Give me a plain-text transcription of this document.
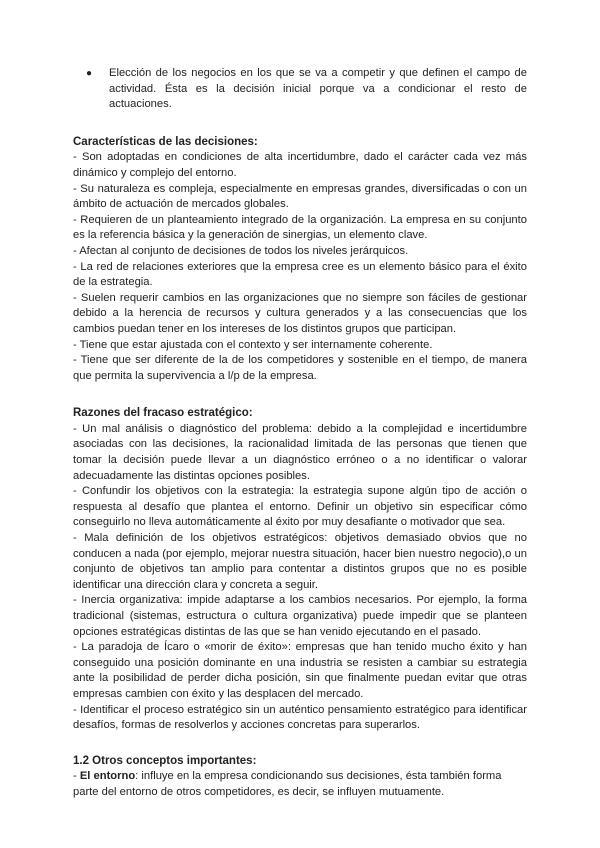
● Elección de los negocios en los que se va a competir y que definen el campo de actividad. Ésta es la decisión inicial porque va a condicionar el resto de actuaciones.

Características de las decisiones:

- Son adoptadas en condiciones de alta incertidumbre, dado el carácter cada vez más dinámico y complejo del entorno.

- Su naturaleza es compleja, especialmente en empresas grandes, diversificadas o con un ámbito de actuación de mercados globales.

- Requieren de un planteamiento integrado de la organización. La empresa en su conjunto es la referencia básica y la generación de sinergias, un elemento clave.

- Afectan al conjunto de decisiones de todos los niveles jerárquicos.

- La red de relaciones exteriores que la empresa cree es un elemento básico para el éxito de la estrategia.

- Suelen requerir cambios en las organizaciones que no siempre son fáciles de gestionar debido a la herencia de recursos y cultura generados y a las consecuencias que los cambios puedan tener en los intereses de los distintos grupos que participan.

- Tiene que estar ajustada con el contexto y ser internamente coherente.

- Tiene que ser diferente de la de los competidores y sostenible en el tiempo, de manera que permita la supervivencia a l/p de la empresa.

Razones del fracaso estratégico:

- Un mal análisis o diagnóstico del problema: debido a la complejidad e incertidumbre asociadas con las decisiones, la racionalidad limitada de las personas que tienen que tomar la decisión puede llevar a un diagnóstico erróneo o a no identificar o valorar adecuadamente las distintas opciones posibles.

- Confundir los objetivos con la estrategia: la estrategia supone algún tipo de acción o respuesta al desafío que plantea el entorno. Definir un objetivo sin especificar cómo conseguirlo no lleva automáticamente al éxito por muy desafiante o motivador que sea.

- Mala definición de los objetivos estratégicos: objetivos demasiado obvios que no conducen a nada (por ejemplo, mejorar nuestra situación, hacer bien nuestro negocio),o un conjunto de objetivos tan amplio para contentar a distintos grupos que no es posible identificar una dirección clara y concreta a seguir.

- Inercia organizativa: impide adaptarse a los cambios necesarios. Por ejemplo, la forma tradicional (sistemas, estructura o cultura organizativa) puede impedir que se planteen opciones estratégicas distintas de las que se han venido ejecutando en el pasado.

- La paradoja de Ícaro o «morir de éxito»: empresas que han tenido mucho éxito y han conseguido una posición dominante en una industria se resisten a cambiar su estrategia ante la posibilidad de perder dicha posición, sin que finalmente puedan evitar que otras empresas cambien con éxito y las desplacen del mercado.

- Identificar el proceso estratégico sin un auténtico pensamiento estratégico para identificar desafíos, formas de resolverlos y acciones concretas para superarlos.

1.2 Otros conceptos importantes:

- El entorno: influye en la empresa condicionando sus decisiones, ésta también forma parte del entorno de otros competidores, es decir, se influyen mutuamente.
